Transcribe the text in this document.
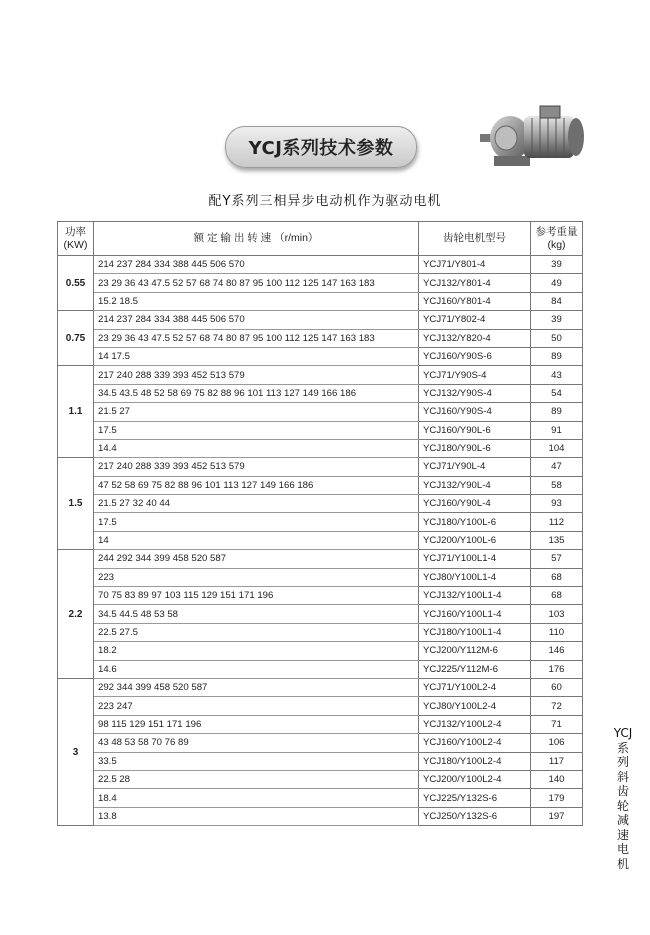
YCJ系列技术参数
配Y系列三相异步电动机作为驱动电机
功率 (KW)	额 定 输 出 转 速 （r/min）	齿轮电机型号	参考重量 (kg)
0.55	214 237 284 334 388 445 506 570	YCJ71/Y801-4	39
	23 29 36 43 47.5 52 57 68 74 80 87 95 100 112 125 147 163 183	YCJ132/Y801-4	49
	15.2 18.5	YCJ160/Y801-4	84
0.75	214 237 284 334 388 445 506 570	YCJ71/Y802-4	39
	23 29 36 43 47.5 52 57 68 74 80 87 95 100 112 125 147 163 183	YCJ132/Y820-4	50
	14 17.5	YCJ160/Y90S-6	89
1.1	217 240 288 339 393 452 513 579	YCJ71/Y90S-4	43
	34.5 43.5 48 52 58 69 75 82 88 96 101 113 127 149 166 186	YCJ132/Y90S-4	54
	21.5 27	YCJ160/Y90S-4	89
	17.5	YCJ160/Y90L-6	91
	14.4	YCJ180/Y90L-6	104
1.5	217 240 288 339 393 452 513 579	YCJ71/Y90L-4	47
	47 52 58 69 75 82 88 96 101 113 127 149 166 186	YCJ132/Y90L-4	58
	21.5 27 32 40 44	YCJ160/Y90L-4	93
	17.5	YCJ180/Y100L-6	112
	14	YCJ200/Y100L-6	135
2.2	244 292 344 399 458 520 587	YCJ71/Y100L1-4	57
	223	YCJ80/Y100L1-4	68
	70 75 83 89 97 103 115 129 151 171 196	YCJ132/Y100L1-4	68
	34.5 44.5 48 53 58	YCJ160/Y100L1-4	103
	22.5 27.5	YCJ180/Y100L1-4	110
	18.2	YCJ200/Y112M-6	146
	14.6	YCJ225/Y112M-6	176
3	292 344 399 458 520 587	YCJ71/Y100L2-4	60
	223 247	YCJ80/Y100L2-4	72
	98 115 129 151 171 196	YCJ132/Y100L2-4	71
	43 48 53 58 70 76 89	YCJ160/Y100L2-4	106
	33.5	YCJ180/Y100L2-4	117
	22.5 28	YCJ200/Y100L2-4	140
	18.4	YCJ225/Y132S-6	179
	13.8	YCJ250/Y132S-6	197
YCJ
系
列
斜
齿
轮
减
速
电
机
